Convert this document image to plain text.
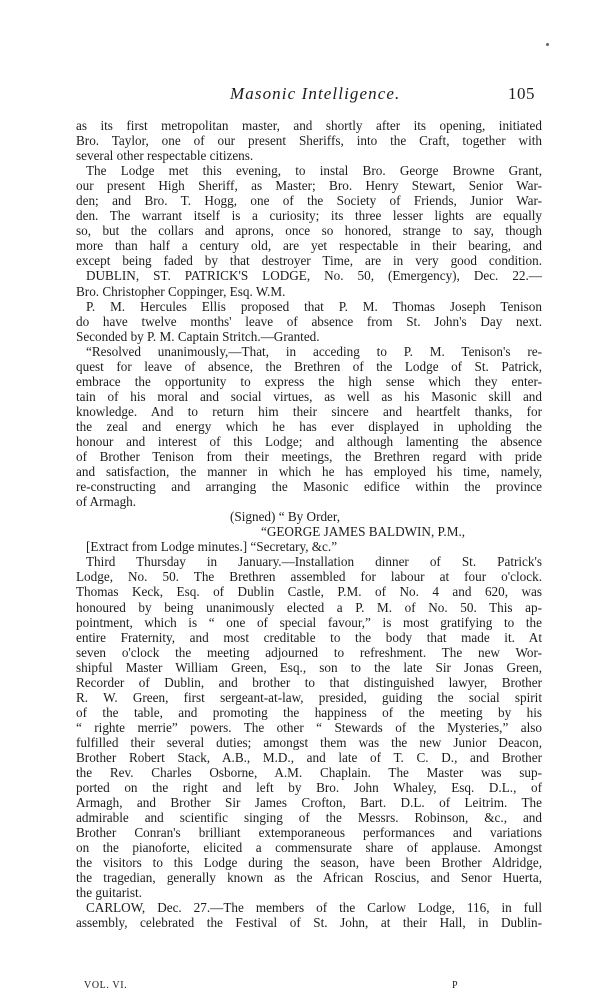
Masonic Intelligence.	105
as its first metropolitan master, and shortly after its opening, initiated
Bro. Taylor, one of our present Sheriffs, into the Craft, together with
several other respectable citizens.
The Lodge met this evening, to instal Bro. George Browne Grant,
our present High Sheriff, as Master; Bro. Henry Stewart, Senior War-
den; and Bro. T. Hogg, one of the Society of Friends, Junior War-
den. The warrant itself is a curiosity; its three lesser lights are equally
so, but the collars and aprons, once so honored, strange to say, though
more than half a century old, are yet respectable in their bearing, and
except being faded by that destroyer Time, are in very good condition.
DUBLIN, ST. PATRICK'S LODGE, No. 50, (Emergency), Dec. 22.—
Bro. Christopher Coppinger, Esq. W.M.
P. M. Hercules Ellis proposed that P. M. Thomas Joseph Tenison
do have twelve months' leave of absence from St. John's Day next.
Seconded by P. M. Captain Stritch.—Granted.
“Resolved unanimously,—That, in acceding to P. M. Tenison's re-
quest for leave of absence, the Brethren of the Lodge of St. Patrick,
embrace the opportunity to express the high sense which they enter-
tain of his moral and social virtues, as well as his Masonic skill and
knowledge. And to return him their sincere and heartfelt thanks, for
the zeal and energy which he has ever displayed in upholding the
honour and interest of this Lodge; and although lamenting the absence
of Brother Tenison from their meetings, the Brethren regard with pride
and satisfaction, the manner in which he has employed his time, namely,
re-constructing and arranging the Masonic edifice within the province
of Armagh.
(Signed) “ By Order,
“GEORGE JAMES BALDWIN, P.M.,
[Extract from Lodge minutes.] “Secretary, &c.”
Third Thursday in January.—Installation dinner of St. Patrick's
Lodge, No. 50. The Brethren assembled for labour at four o'clock.
Thomas Keck, Esq. of Dublin Castle, P.M. of No. 4 and 620, was
honoured by being unanimously elected a P. M. of No. 50. This ap-
pointment, which is “ one of special favour,” is most gratifying to the
entire Fraternity, and most creditable to the body that made it. At
seven o'clock the meeting adjourned to refreshment. The new Wor-
shipful Master William Green, Esq., son to the late Sir Jonas Green,
Recorder of Dublin, and brother to that distinguished lawyer, Brother
R. W. Green, first sergeant-at-law, presided, guiding the social spirit
of the table, and promoting the happiness of the meeting by his
“ righte merrie” powers. The other “ Stewards of the Mysteries,” also
fulfilled their several duties; amongst them was the new Junior Deacon,
Brother Robert Stack, A.B., M.D., and late of T. C. D., and Brother
the Rev. Charles Osborne, A.M. Chaplain. The Master was sup-
ported on the right and left by Bro. John Whaley, Esq. D.L., of
Armagh, and Brother Sir James Crofton, Bart. D.L. of Leitrim. The
admirable and scientific singing of the Messrs. Robinson, &c., and
Brother Conran's brilliant extemporaneous performances and variations
on the pianoforte, elicited a commensurate share of applause. Amongst
the visitors to this Lodge during the season, have been Brother Aldridge,
the tragedian, generally known as the African Roscius, and Senor Huerta,
the guitarist.
CARLOW, Dec. 27.—The members of the Carlow Lodge, 116, in full
assembly, celebrated the Festival of St. John, at their Hall, in Dublin-
VOL. VI.	P
